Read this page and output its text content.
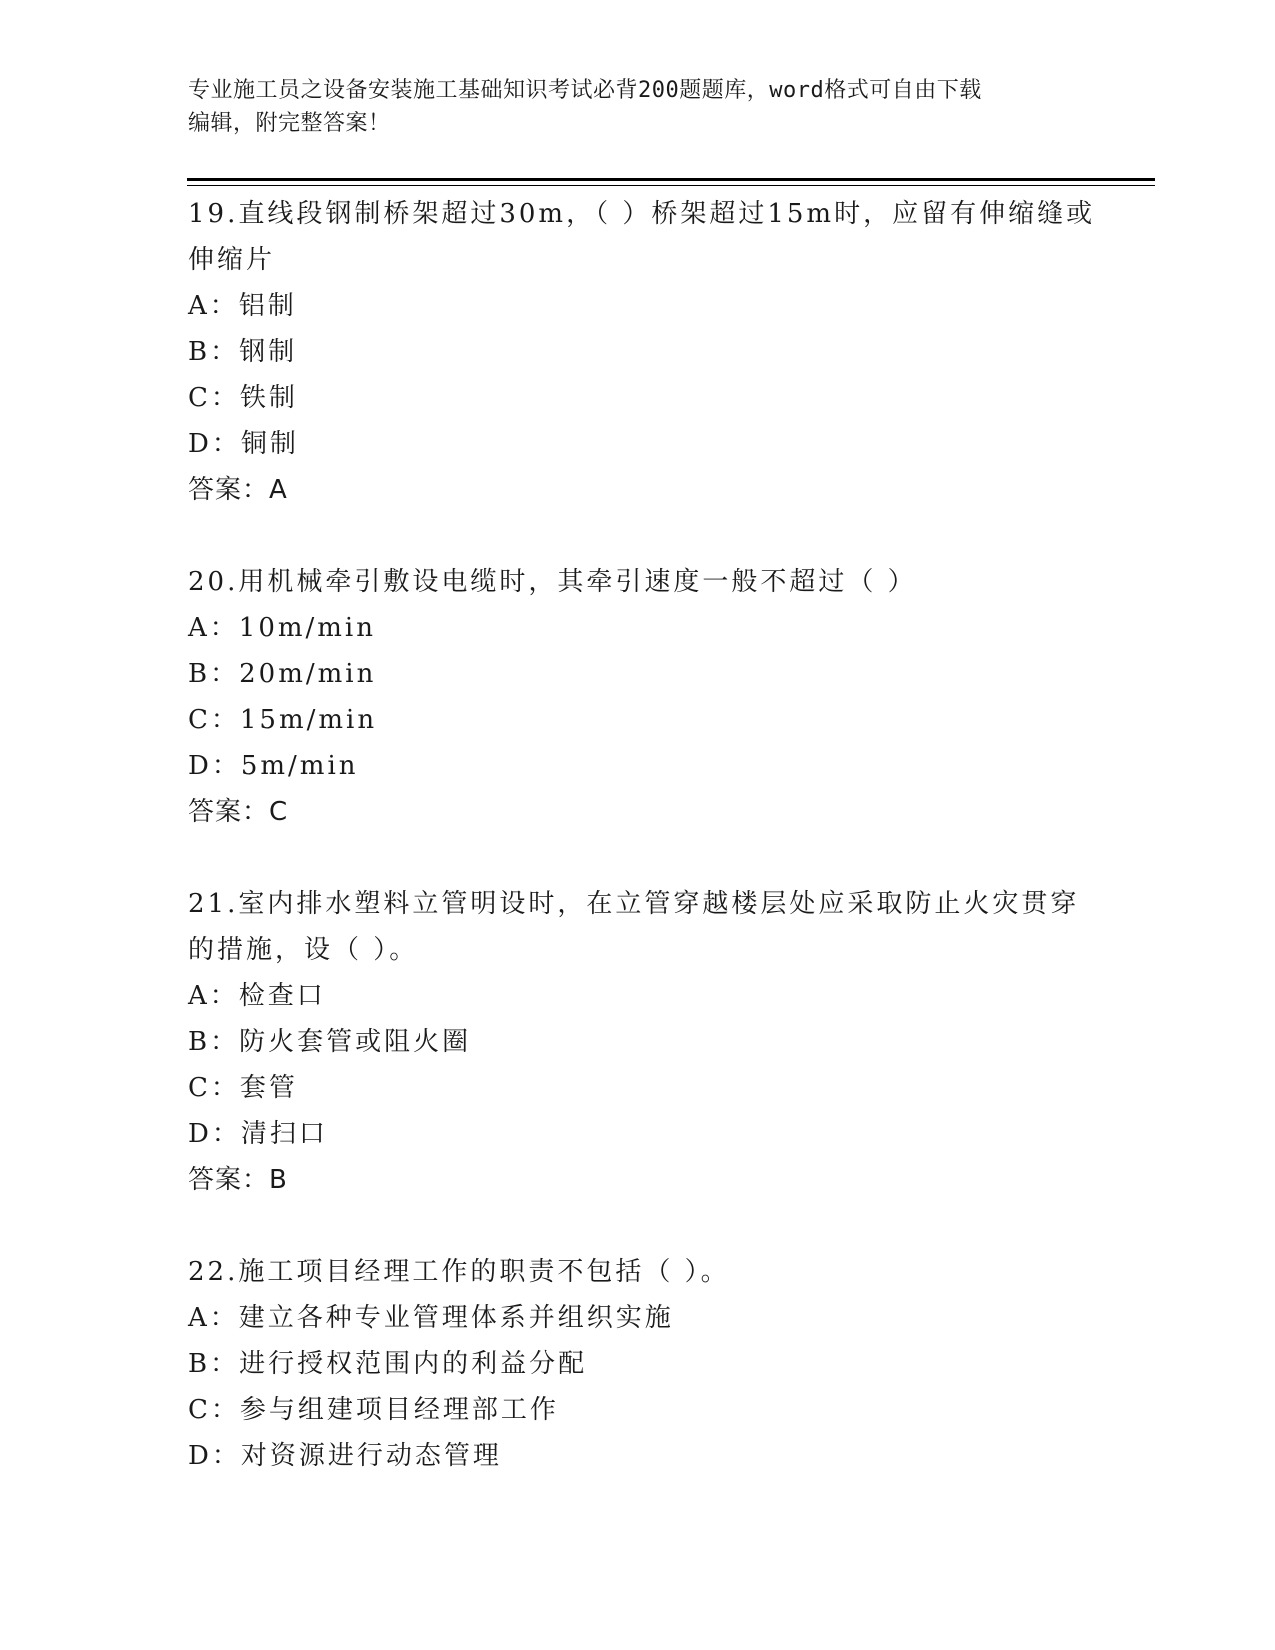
专业施工员之设备安装施工基础知识考试必背200题题库，word格式可自由下载
编辑，附完整答案！
19.直线段钢制桥架超过30m，（ ）桥架超过15m时，应留有伸缩缝或
伸缩片
A：铝制
B：钢制
C：铁制
D：铜制
答案：A
20.用机械牵引敷设电缆时，其牵引速度一般不超过（ ）
A：10m/min
B：20m/min
C：15m/min
D：5m/min
答案：C
21.室内排水塑料立管明设时，在立管穿越楼层处应采取防止火灾贯穿
的措施，设（ ）。
A：检查口
B：防火套管或阻火圈
C：套管
D：清扫口
答案：B
22.施工项目经理工作的职责不包括（ ）。
A：建立各种专业管理体系并组织实施
B：进行授权范围内的利益分配
C：参与组建项目经理部工作
D：对资源进行动态管理
